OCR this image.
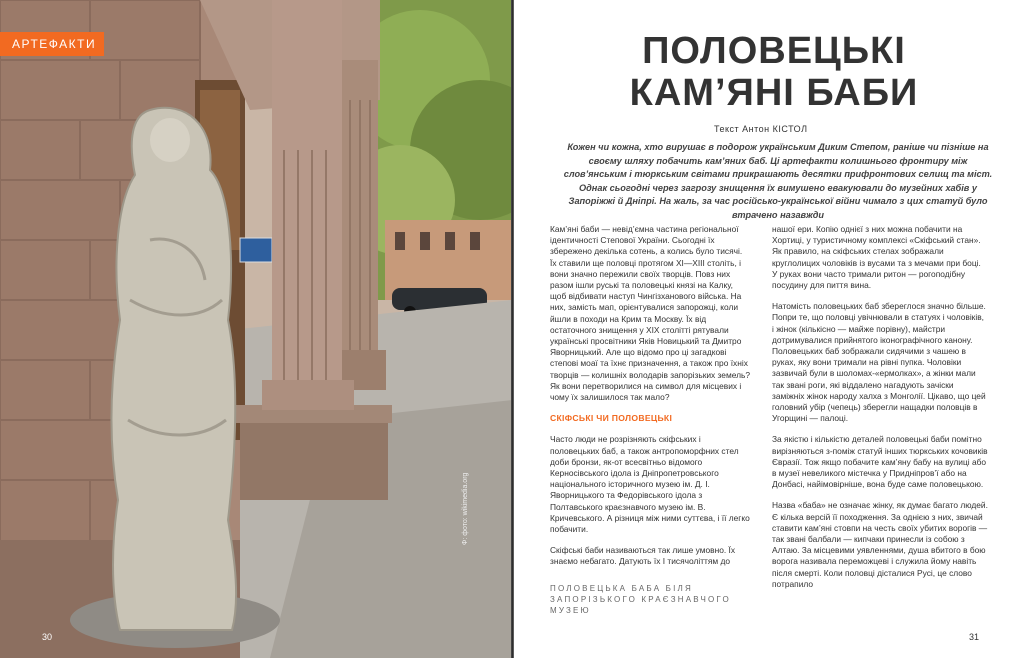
АРТЕФАКТИ
Ф: фото: wikimedia.org
30
ПОЛОВЕЦЬКІ
КАМ’ЯНІ БАБИ
Текст Антон КІСТОЛ
Кожен чи кожна, хто вирушає в подорож українським Диким Степом, раніше чи пізніше на своєму шляху побачить кам’яних баб. Ці артефакти колишнього фронтиру між слов’янським і тюркським світами прикрашають десятки прифронтових селищ та міст. Однак сьогодні через загрозу знищення їх вимушено евакуювали до музейних хабів у Запоріжжі й Дніпрі. На жаль, за час російсько-української війни чимало з цих статуй було втрачено назавжди

Кам’яні баби — невід’ємна частина регіональної ідентичності Степової України. Сьогодні їх збережено декілька сотень, а колись було тисячі. Їх ставили ще половці протягом XI—XIII століть, і вони значно пережили своїх творців. Повз них разом ішли руські та половецькі князі на Калку, щоб відбивати наступ Чингізханового війська. На них, замість мап, орієнтувалися запорожці, коли йшли в походи на Крим та Москву. Їх від остаточного знищення у XIX столітті рятували українські просвітники Яків Новицький та Дмитро Яворницький. Але що відомо про ці загадкові степові моаї та їхнє призначення, а також про їхніх творців — колишніх володарів запорізьких земель? Як вони перетворилися на символ для місцевих і чому їх залишилося так мало?

СКІФСЬКІ ЧИ ПОЛОВЕЦЬКІ

Часто люди не розрізняють скіфських і половецьких баб, а також антропоморфних стел доби бронзи, як-от всесвітньо відомого Керносівського ідола із Дніпропетровського національного історичного музею ім. Д. І. Яворницького та Федорівського ідола з Полтавського краєзнавчого музею ім. В. Кричевського. А різниця між ними суттєва, і її легко побачити.

Скіфські баби називаються так лише умовно. Їх знаємо небагато. Датують їх І тисячоліттям до

ПОЛОВЕЦЬКА БАБА БІЛЯ ЗАПОРІЗЬКОГО КРАЄЗНАВЧОГО МУЗЕЮ

нашої ери. Копію однієї з них можна побачити на Хортиці, у туристичному комплексі «Скіфський стан». Як правило, на скіфських стелах зображали круглолицих чоловіків із вусами та з мечами при боці. У руках вони часто тримали ритон — рогоподібну посудину для пиття вина.

Натомість половецьких баб збереглося значно більше. Попри те, що половці увічнювали в статуях і чоловіків, і жінок (кількісно — майже порівну), майстри дотримувалися прийнятого іконографічного канону. Половецьких баб зображали сидячими з чашею в руках, яку вони тримали на рівні пупка. Чоловіки зазвичай були в шоломах-«ермолках», а жінки мали так звані роги, які віддалено нагадують зачіски заміжніх жінок народу халха з Монголії. Цікаво, що цей головний убір (чепець) зберегли нащадки половців в Угорщині — палоці.

За якістю і кількістю деталей половецькі баби помітно вирізняються з-поміж статуй інших тюркських кочовиків Євразії. Тож якщо побачите кам’яну бабу на вулиці або в музеї невеликого містечка у Придніпров’ї або на Донбасі, найімовірніше, вона буде саме половецькою.

Назва «баба» не означає жінку, як думає багато людей. Є кілька версій її походження. За однією з них, звичай ставити кам’яні стовпи на честь своїх убитих ворогів — так звані балбали — кипчаки принесли із собою з Алтаю. За місцевими уявленнями, душа вбитого в бою ворога називала переможцеві і служила йому навіть після смерті. Коли половці дісталися Русі, це слово потрапило

31
